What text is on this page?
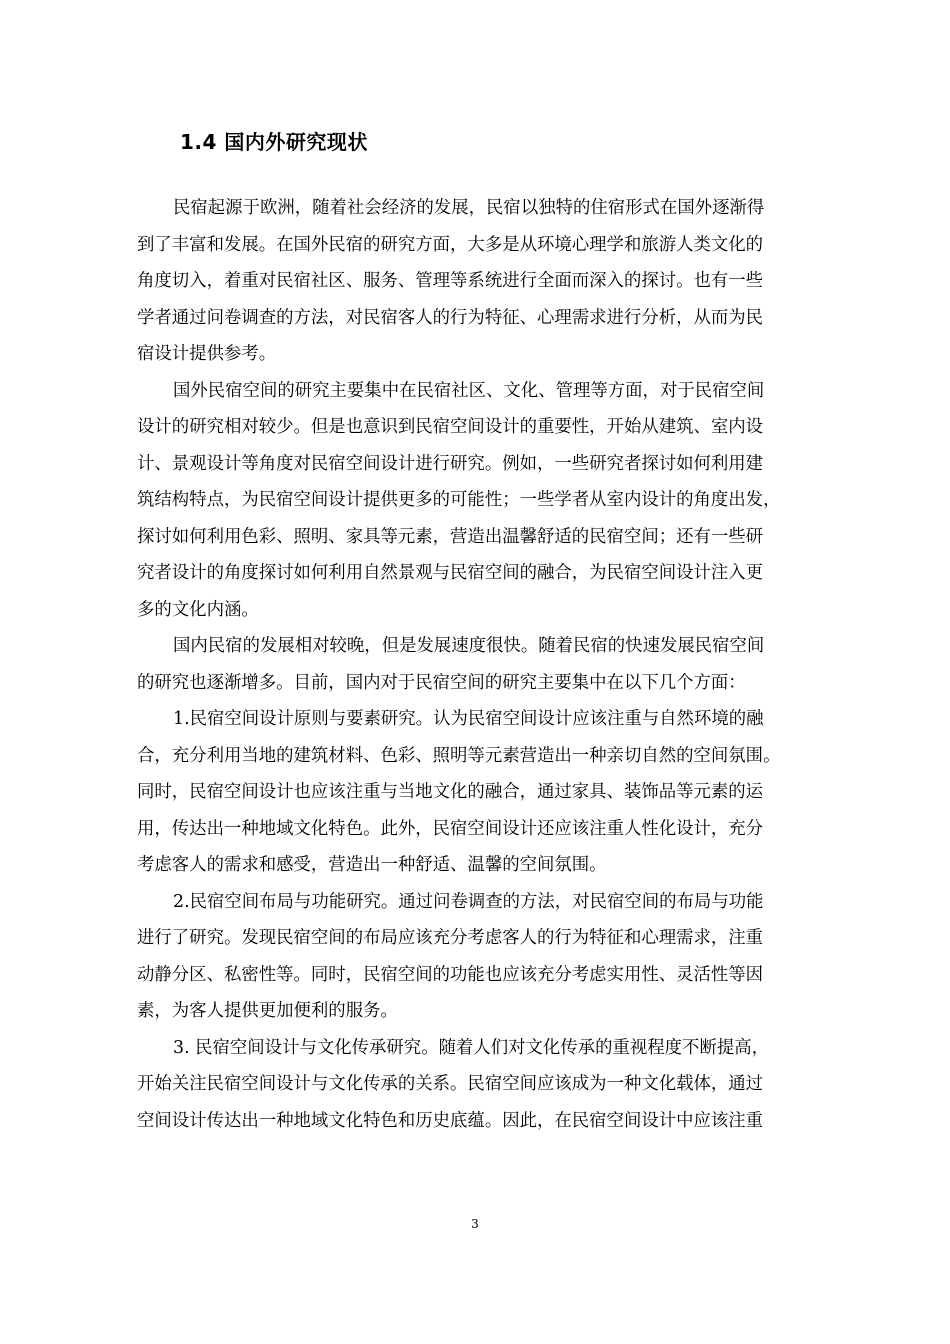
1.4 国内外研究现状
民宿起源于欧洲，随着社会经济的发展，民宿以独特的住宿形式在国外逐渐得
到了丰富和发展。在国外民宿的研究方面，大多是从环境心理学和旅游人类文化的
角度切入，着重对民宿社区、服务、管理等系统进行全面而深入的探讨。也有一些
学者通过问卷调查的方法，对民宿客人的行为特征、心理需求进行分析，从而为民
宿设计提供参考。
国外民宿空间的研究主要集中在民宿社区、文化、管理等方面，对于民宿空间
设计的研究相对较少。但是也意识到民宿空间设计的重要性，开始从建筑、室内设
计、景观设计等角度对民宿空间设计进行研究。例如，一些研究者探讨如何利用建
筑结构特点，为民宿空间设计提供更多的可能性；一些学者从室内设计的角度出发，
探讨如何利用色彩、照明、家具等元素，营造出温馨舒适的民宿空间；还有一些研
究者设计的角度探讨如何利用自然景观与民宿空间的融合，为民宿空间设计注入更
多的文化内涵。
国内民宿的发展相对较晚，但是发展速度很快。随着民宿的快速发展民宿空间
的研究也逐渐增多。目前，国内对于民宿空间的研究主要集中在以下几个方面：
1.民宿空间设计原则与要素研究。认为民宿空间设计应该注重与自然环境的融
合，充分利用当地的建筑材料、色彩、照明等元素营造出一种亲切自然的空间氛围。
同时，民宿空间设计也应该注重与当地文化的融合，通过家具、装饰品等元素的运
用，传达出一种地域文化特色。此外，民宿空间设计还应该注重人性化设计，充分
考虑客人的需求和感受，营造出一种舒适、温馨的空间氛围。
2.民宿空间布局与功能研究。通过问卷调查的方法，对民宿空间的布局与功能
进行了研究。发现民宿空间的布局应该充分考虑客人的行为特征和心理需求，注重
动静分区、私密性等。同时，民宿空间的功能也应该充分考虑实用性、灵活性等因
素，为客人提供更加便利的服务。
3. 民宿空间设计与文化传承研究。随着人们对文化传承的重视程度不断提高，
开始关注民宿空间设计与文化传承的关系。民宿空间应该成为一种文化载体，通过
空间设计传达出一种地域文化特色和历史底蕴。因此，在民宿空间设计中应该注重
3
